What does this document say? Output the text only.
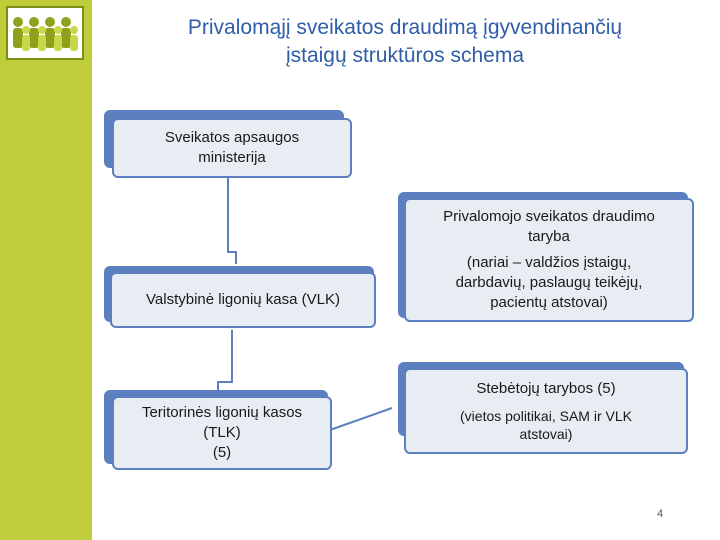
Privalomąjį sveikatos draudimą įgyvendinančių
įstaigų struktūros schema
Sveikatos apsaugos
ministerija
Privalomojo sveikatos draudimo
taryba
(nariai – valdžios įstaigų,
darbdavių, paslaugų teikėjų,
pacientų atstovai)
Valstybinė ligonių kasa (VLK)
Stebėtojų tarybos (5)
(vietos politikai, SAM ir VLK
atstovai)
Teritorinės ligonių kasos
(TLK)
(5)
4
